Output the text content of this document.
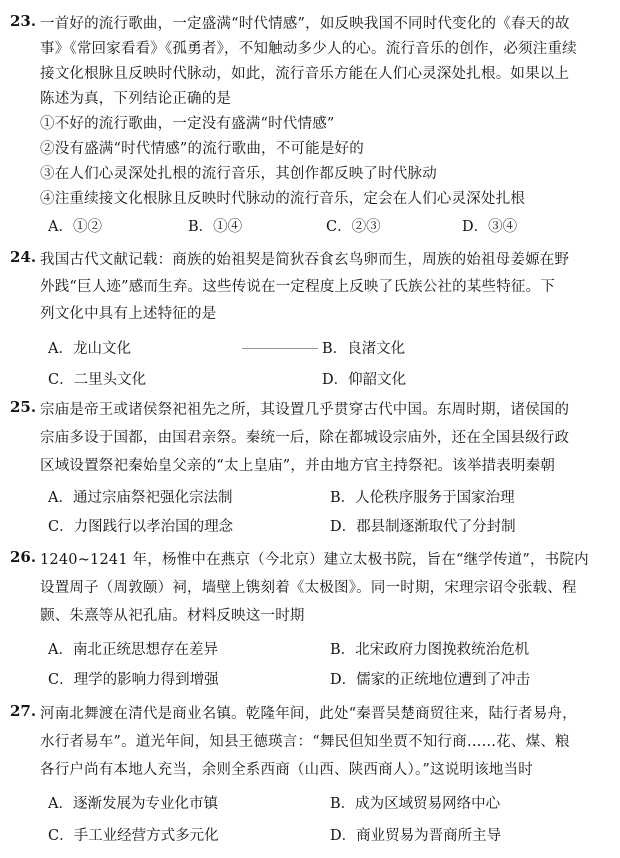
23. 一首好的流行歌曲，一定盛满“时代情感”，如反映我国不同时代变化的《春天的故
事》《常回家看看》《孤勇者》，不知触动多少人的心。流行音乐的创作，必须注重续
接文化根脉且反映时代脉动，如此，流行音乐方能在人们心灵深处扎根。如果以上
陈述为真，下列结论正确的是
①不好的流行歌曲，一定没有盛满“时代情感”
②没有盛满“时代情感”的流行歌曲，不可能是好的
③在人们心灵深处扎根的流行音乐，其创作都反映了时代脉动
④注重续接文化根脉且反映时代脉动的流行音乐，定会在人们心灵深处扎根
A．①②	B．①④	C．②③	D．③④
24. 我国古代文献记载：商族的始祖契是简狄吞食玄鸟卵而生，周族的始祖母姜嫄在野
外践“巨人迹”感而生弃。这些传说在一定程度上反映了氏族公社的某些特征。下
列文化中具有上述特征的是
A．龙山文化	B．良渚文化
C．二里头文化	D．仰韶文化
25. 宗庙是帝王或诸侯祭祀祖先之所，其设置几乎贯穿古代中国。东周时期，诸侯国的
宗庙多设于国都，由国君亲祭。秦统一后，除在都城设宗庙外，还在全国县级行政
区域设置祭祀秦始皇父亲的“太上皇庙”，并由地方官主持祭祀。该举措表明秦朝
A．通过宗庙祭祀强化宗法制	B．人伦秩序服务于国家治理
C．力图践行以孝治国的理念	D．郡县制逐渐取代了分封制
26. 1240~1241 年，杨惟中在燕京（今北京）建立太极书院，旨在“继学传道”，书院内
设置周子（周敦颐）祠，墙壁上镌刻着《太极图》。同一时期，宋理宗诏令张载、程
颢、朱熹等从祀孔庙。材料反映这一时期
A．南北正统思想存在差异	B．北宋政府力图挽救统治危机
C．理学的影响力得到增强	D．儒家的正统地位遭到了冲击
27. 河南北舞渡在清代是商业名镇。乾隆年间，此处“秦晋吴楚商贸往来，陆行者易舟，
水行者易车”。道光年间，知县王德瑛言：“舞民但知坐贾不知行商……花、煤、粮
各行户尚有本地人充当，余则全系西商（山西、陕西商人）。”这说明该地当时
A．逐渐发展为专业化市镇	B．成为区域贸易网络中心
C．手工业经营方式多元化	D．商业贸易为晋商所主导
